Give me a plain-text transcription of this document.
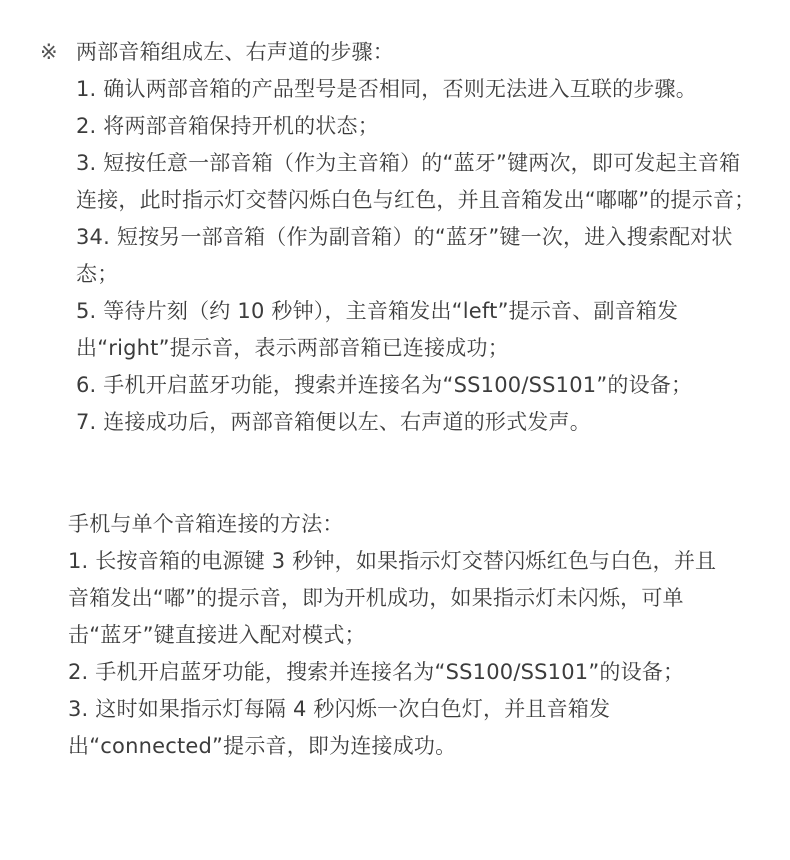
※ 两部音箱组成左、右声道的步骤：
1. 确认两部音箱的产品型号是否相同，否则无法进入互联的步骤。
2. 将两部音箱保持开机的状态；
3. 短按任意一部音箱（作为主音箱）的“蓝牙”键两次，即可发起主音箱连接，此时指示灯交替闪烁白色与红色，并且音箱发出“嘟嘟”的提示音；
34. 短按另一部音箱（作为副音箱）的“蓝牙”键一次，进入搜索配对状态；
5. 等待片刻（约 10 秒钟），主音箱发出“left”提示音、副音箱发出“right”提示音，表示两部音箱已连接成功；
6. 手机开启蓝牙功能，搜索并连接名为“SS100/SS101”的设备；
7. 连接成功后，两部音箱便以左、右声道的形式发声。
手机与单个音箱连接的方法：
1. 长按音箱的电源键 3 秒钟，如果指示灯交替闪烁红色与白色，并且音箱发出“嘟”的提示音，即为开机成功，如果指示灯未闪烁，可单击“蓝牙”键直接进入配对模式；
2. 手机开启蓝牙功能，搜索并连接名为“SS100/SS101”的设备；
3. 这时如果指示灯每隔 4 秒闪烁一次白色灯，并且音箱发出“connected”提示音，即为连接成功。
